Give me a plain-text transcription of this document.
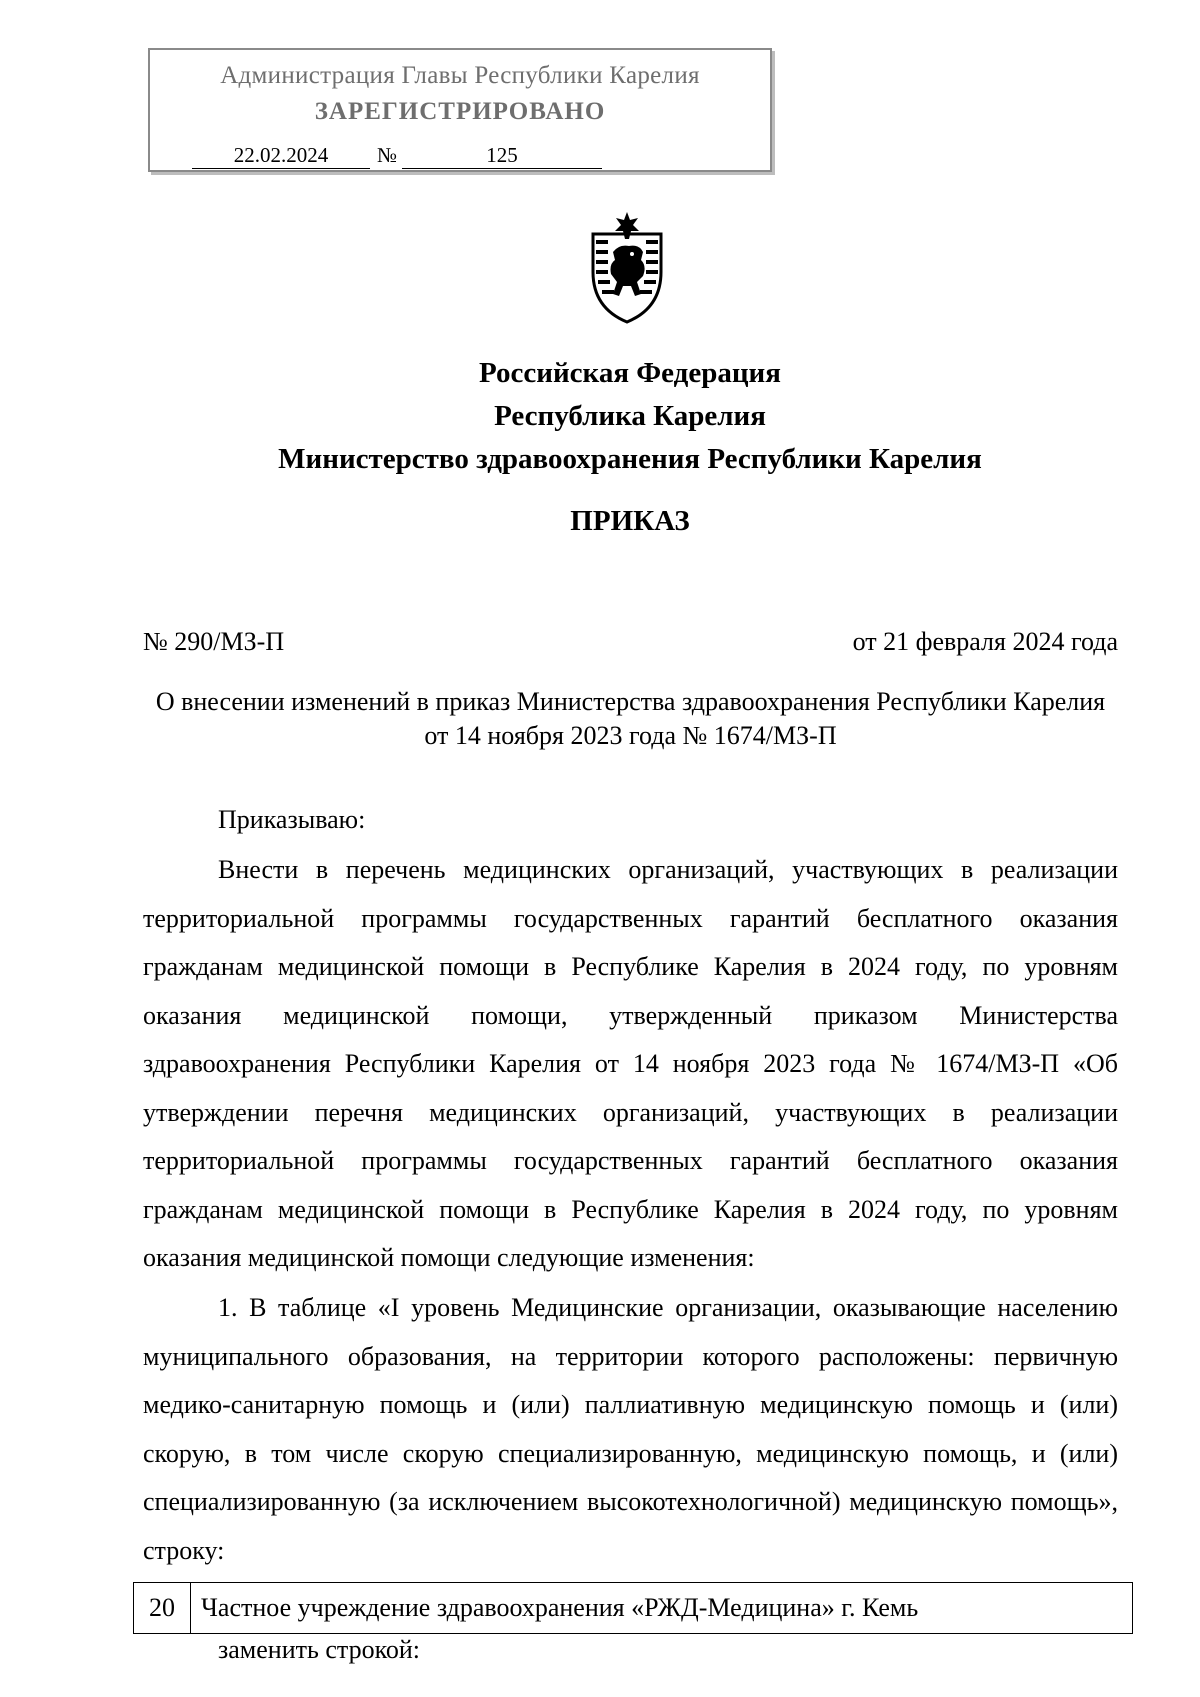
Администрация Главы Республики Карелия
ЗАРЕГИСТРИРОВАНО
22.02.2024	№	125
Российская Федерация
Республика Карелия
Министерство здравоохранения Республики Карелия
ПРИКАЗ
№ 290/МЗ-П	от 21 февраля 2024 года
О внесении изменений в приказ Министерства здравоохранения Республики Карелия от 14 ноября 2023 года № 1674/МЗ-П
Приказываю:
Внести в перечень медицинских организаций, участвующих в реализации территориальной программы государственных гарантий бесплатного оказания гражданам медицинской помощи в Республике Карелия в 2024 году, по уровням оказания медицинской помощи, утвержденный приказом Министерства здравоохранения Республики Карелия от 14 ноября 2023 года № 1674/МЗ-П «Об утверждении перечня медицинских организаций, участвующих в реализации территориальной программы государственных гарантий бесплатного оказания гражданам медицинской помощи в Республике Карелия в 2024 году, по уровням оказания медицинской помощи следующие изменения:
1. В таблице «I уровень Медицинские организации, оказывающие населению муниципального образования, на территории которого расположены: первичную медико-санитарную помощь и (или) паллиативную медицинскую помощь и (или) скорую, в том числе скорую специализированную, медицинскую помощь, и (или) специализированную (за исключением высокотехнологичной) медицинскую помощь», строку:
20	Частное учреждение здравоохранения «РЖД-Медицина» г. Кемь
заменить строкой:
